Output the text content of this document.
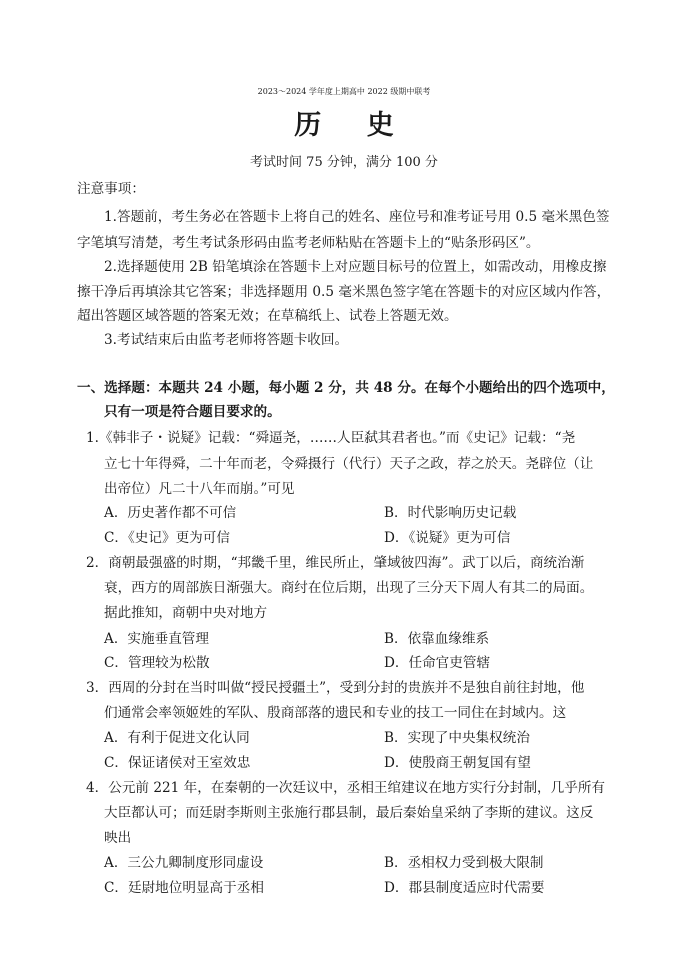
2023～2024 学年度上期高中 2022 级期中联考
历 史
考试时间 75 分钟，满分 100 分
注意事项：
1.答题前，考生务必在答题卡上将自己的姓名、座位号和准考证号用 0.5 毫米黑色签
字笔填写清楚，考生考试条形码由监考老师粘贴在答题卡上的“贴条形码区”。
2.选择题使用 2B 铅笔填涂在答题卡上对应题目标号的位置上，如需改动，用橡皮擦
擦干净后再填涂其它答案；非选择题用 0.5 毫米黑色签字笔在答题卡的对应区域内作答，
超出答题区域答题的答案无效；在草稿纸上、试卷上答题无效。
3.考试结束后由监考老师将答题卡收回。
一、选择题：本题共 24 小题，每小题 2 分，共 48 分。在每个小题给出的四个选项中，
只有一项是符合题目要求的。
1.《韩非子・说疑》记载：“舜逼尧，……人臣弑其君者也。”而《史记》记载：“尧
立七十年得舜，二十年而老，令舜摄行（代行）天子之政，荐之於天。尧辟位（让
出帝位）凡二十八年而崩。”可见
A．历史著作都不可信	B．时代影响历史记载
C．《史记》更为可信	D．《说疑》更为可信
2．商朝最强盛的时期，“邦畿千里，维民所止，肇域彼四海”。武丁以后，商统治渐
衰，西方的周部族日渐强大。商纣在位后期，出现了三分天下周人有其二的局面。
据此推知，商朝中央对地方
A．实施垂直管理	B．依靠血缘维系
C．管理较为松散	D．任命官吏管辖
3．西周的分封在当时叫做“授民授疆土”，受到分封的贵族并不是独自前往封地，他
们通常会率领姬姓的军队、殷商部落的遗民和专业的技工一同住在封域内。这
A．有利于促进文化认同	B．实现了中央集权统治
C．保证诸侯对王室效忠	D．使殷商王朝复国有望
4．公元前 221 年，在秦朝的一次廷议中，丞相王绾建议在地方实行分封制，几乎所有
大臣都认可；而廷尉李斯则主张施行郡县制，最后秦始皇采纳了李斯的建议。这反
映出
A．三公九卿制度形同虚设	B．丞相权力受到极大限制
C．廷尉地位明显高于丞相	D．郡县制度适应时代需要
